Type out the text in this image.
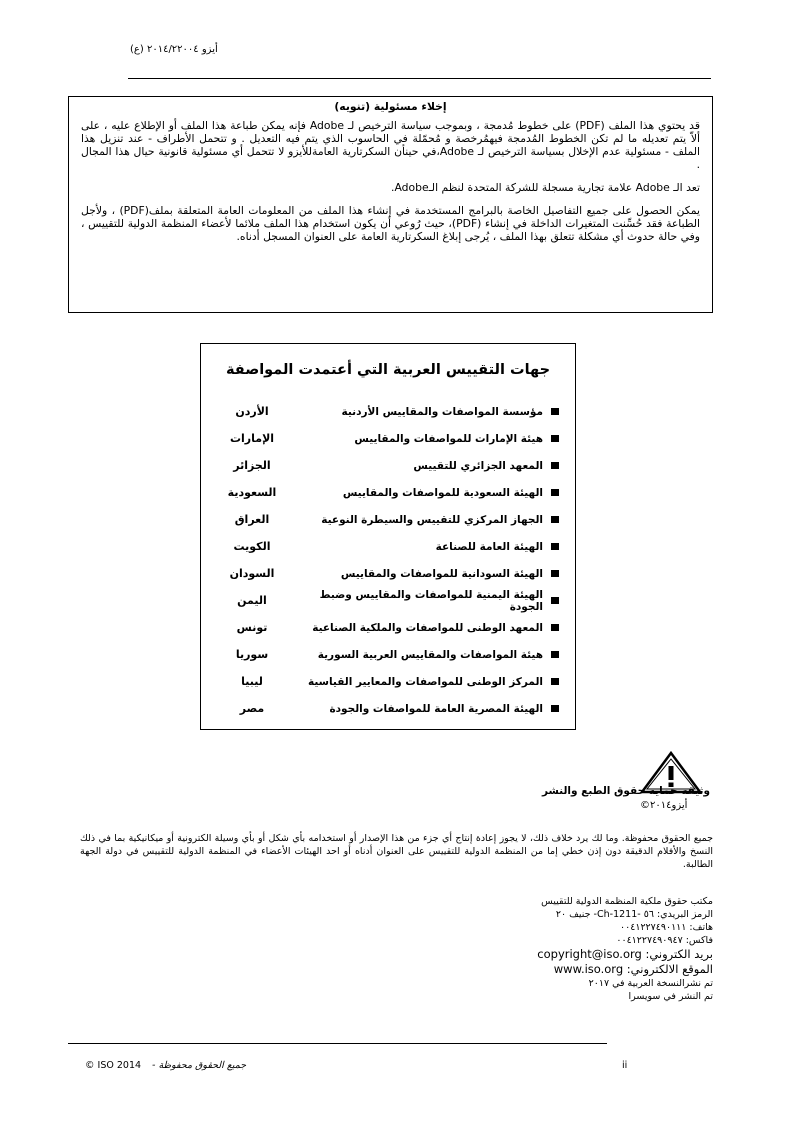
أيزو ٢٠١٤/٢٢٠٠٤ (ع)
إخلاء مسئولية (تنويه)

قد يحتوي هذا الملف (PDF) على خطوط مُدمجة ، وبموجب سياسة الترخيص لـ Adobe فإنه يمكن طباعة هذا الملف أو الإطلاع عليه ، على ألاّ يتم تعديله ما لم تكن الخطوط المُدمجة فيهمُرخصة و مُحمّلة في الحاسوب الذي يتم فيه التعديل . و تتحمل الأطراف - عند تنزيل هذا الملف - مسئولية عدم الإخلال بسياسة الترخيص لـ Adobe،في حينأن السكرتارية العامةللأيزو لا تتحمل أي مسئولية قانونية حيال هذا المجال .

تعد الـ Adobe علامة تجارية مسجلة للشركة المتحدة لنظم الـAdobe.

يمكن الحصول على جميع التفاصيل الخاصة بالبرامج المستخدمة في إنشاء هذا الملف من المعلومات العامة المتعلقة بملف(PDF) ، ولأجل الطباعة فقد حُسِّنت المتغيرات الداخلة في إنشاء (PDF)، حيث رُوعي أن يكون استخدام هذا الملف ملائما لأعضاء المنظمة الدولية للتقييس ، وفي حالة حدوث أي مشكلة تتعلق بهذا الملف ، يُرجى إبلاغ السكرتارية العامة على العنوان المسجل أدناه.

جهات التقييس العربية التي أعتمدت المواصفة
مؤسسة المواصفات والمقاييس الأردنية
الأردن
هيئة الإمارات للمواصفات والمقاييس
الإمارات
المعهد الجزائري للتقييس
الجزائر
الهيئة السعودية للمواصفات والمقاييس
السعودية
الجهاز المركزي للتقييس والسيطرة النوعية
العراق
الهيئة العامة للصناعة
الكويت
الهيئة السودانية للمواصفات والمقاييس
السودان
الهيئة اليمنية للمواصفات والمقاييس وضبط الجودة
اليمن
المعهد الوطنى للمواصفات والملكية الصناعية
تونس
هيئة المواصفات والمقاييس العربية السورية
سوريا
المركز الوطنى للمواصفات والمعايير القياسية
ليبيا
الهيئة المصرية العامة للمواصفات والجودة
مصر
وثيقة حماية حقوق الطبع والنشر
أيزو٢٠١٤©
جميع الحقوق محفوظة. وما لك يرد خلاف ذلك، لا يجوز إعادة إنتاج أي جزء من هذا الإصدار أو استخدامه بأي شكل أو بأي وسيلة الكترونية أو ميكانيكية بما في ذلك النسخ والأفلام الدقيقة دون إذن خطي إما من المنظمة الدولية للتقييس على العنوان أدناه أو احد الهيئات الأعضاء في المنظمة الدولية للتقييس في دولة الجهة الطالبة.
مكتب حقوق ملكية المنظمة الدولية للتقييس
الرمز البريدي: ٥٦ -Ch-1211- جنيف ٢٠
هاتف: ٠٠٤١٢٢٧٤٩٠١١١
فاكس: ٠٠٤١٢٢٧٤٩٠٩٤٧
بريد الكتروني: copyright@iso.org
الموقع الالكتروني: www.iso.org
تم نشرالنسخة العربية في ٢٠١٧
تم النشر في سويسرا
© ISO 2014 جميع الحقوق محفوظة -	ii
